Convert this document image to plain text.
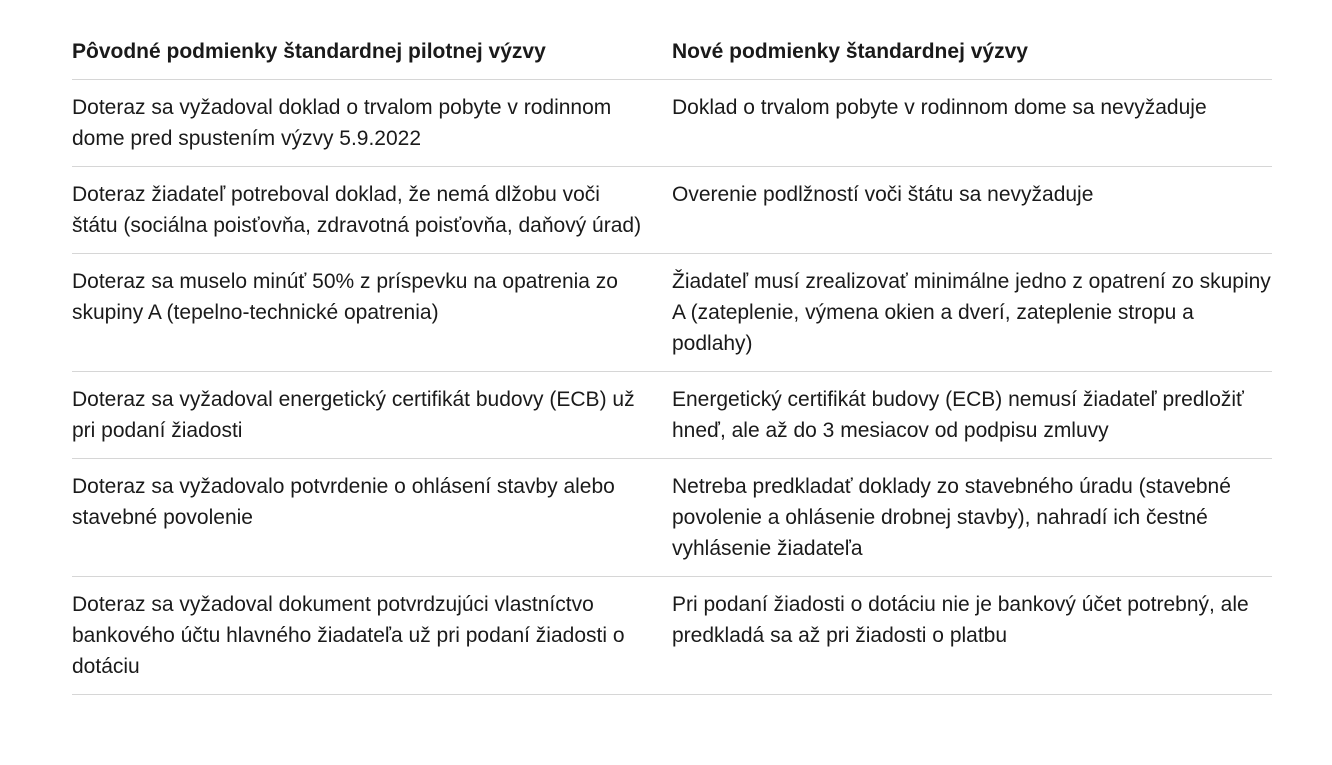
Pôvodné podmienky štandardnej pilotnej výzvy	Nové podmienky štandardnej výzvy
Doteraz sa vyžadoval doklad o trvalom pobyte v rodinnom dome pred spustením výzvy 5.9.2022	Doklad o trvalom pobyte v rodinnom dome sa nevyžaduje
Doteraz žiadateľ potreboval doklad, že nemá dlžobu voči štátu (sociálna poisťovňa, zdravotná poisťovňa, daňový úrad)	Overenie podlžností voči štátu sa nevyžaduje
Doteraz sa muselo minúť 50% z príspevku na opatrenia zo skupiny A (tepelno-technické opatrenia)	Žiadateľ musí zrealizovať minimálne jedno z opatrení zo skupiny A (zateplenie, výmena okien a dverí, zateplenie stropu a podlahy)
Doteraz sa vyžadoval energetický certifikát budovy (ECB) už pri podaní žiadosti	Energetický certifikát budovy (ECB) nemusí žiadateľ predložiť hneď, ale až do 3 mesiacov od podpisu zmluvy
Doteraz sa vyžadovalo potvrdenie o ohlásení stavby alebo stavebné povolenie	Netreba predkladať doklady zo stavebného úradu (stavebné povolenie a ohlásenie drobnej stavby), nahradí ich čestné vyhlásenie žiadateľa
Doteraz sa vyžadoval dokument potvrdzujúci vlastníctvo bankového účtu hlavného žiadateľa už pri podaní žiadosti o dotáciu	Pri podaní žiadosti o dotáciu nie je bankový účet potrebný, ale predkladá sa až pri žiadosti o platbu
